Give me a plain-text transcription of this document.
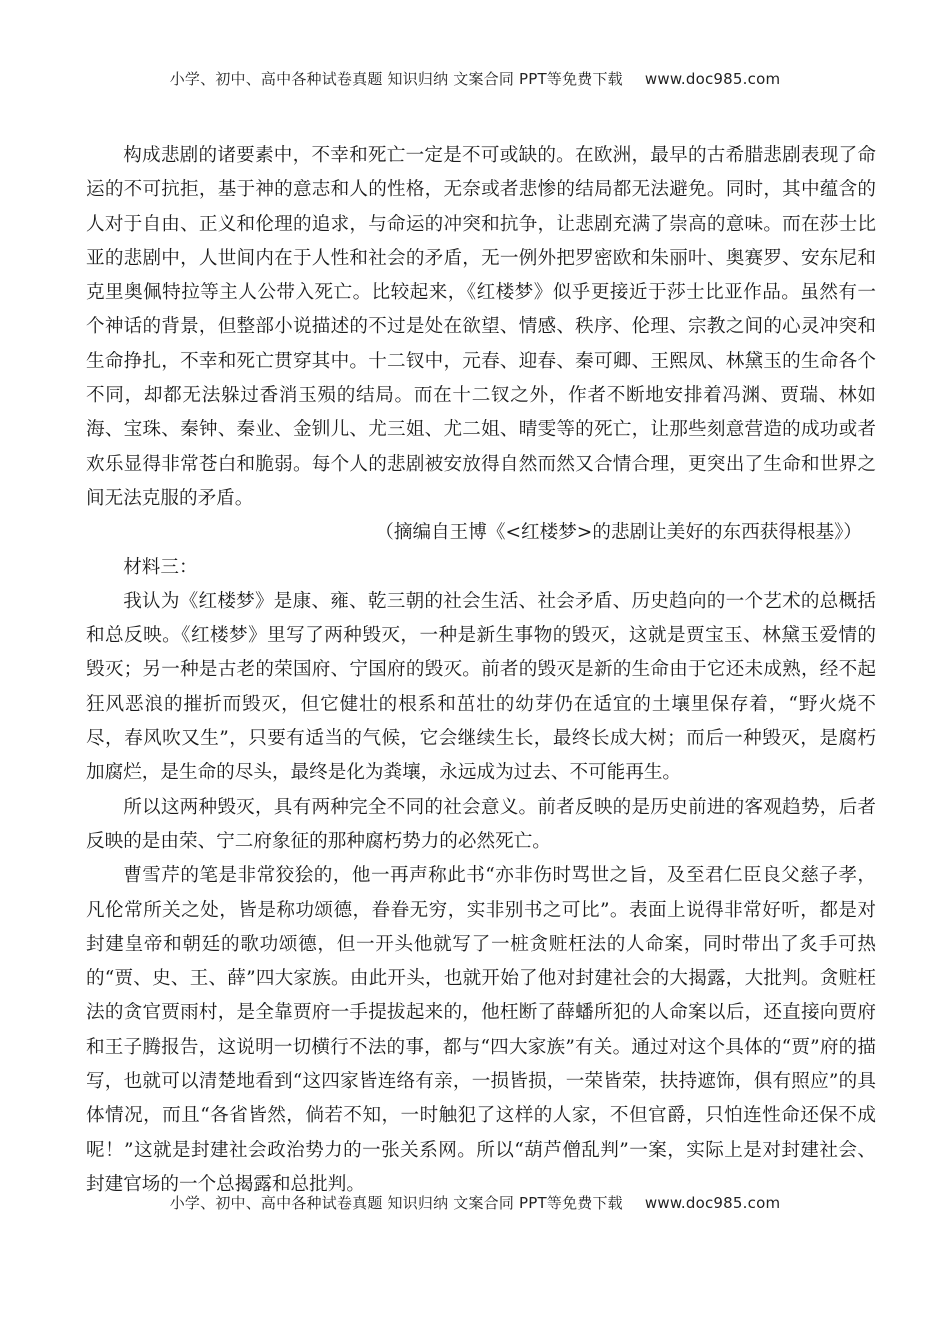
小学、初中、高中各种试卷真题 知识归纳 文案合同 PPT等免费下载 www.doc985.com

构成悲剧的诸要素中，不幸和死亡一定是不可或缺的。在欧洲，最早的古希腊悲剧表现了命运的不可抗拒，基于神的意志和人的性格，无奈或者悲惨的结局都无法避免。同时，其中蕴含的人对于自由、正义和伦理的追求，与命运的冲突和抗争，让悲剧充满了崇高的意味。而在莎士比亚的悲剧中，人世间内在于人性和社会的矛盾，无一例外把罗密欧和朱丽叶、奥赛罗、安东尼和克里奥佩特拉等主人公带入死亡。比较起来，《红楼梦》似乎更接近于莎士比亚作品。虽然有一个神话的背景，但整部小说描述的不过是处在欲望、情感、秩序、伦理、宗教之间的心灵冲突和生命挣扎，不幸和死亡贯穿其中。十二钗中，元春、迎春、秦可卿、王熙凤、林黛玉的生命各个不同，却都无法躲过香消玉殒的结局。而在十二钗之外，作者不断地安排着冯渊、贾瑞、林如海、宝珠、秦钟、秦业、金钏儿、尤三姐、尤二姐、晴雯等的死亡，让那些刻意营造的成功或者欢乐显得非常苍白和脆弱。每个人的悲剧被安放得自然而然又合情合理，更突出了生命和世界之间无法克服的矛盾。

（摘编自王博《<红楼梦>的悲剧让美好的东西获得根基》）

材料三：

我认为《红楼梦》是康、雍、乾三朝的社会生活、社会矛盾、历史趋向的一个艺术的总概括和总反映。《红楼梦》里写了两种毁灭，一种是新生事物的毁灭，这就是贾宝玉、林黛玉爱情的毁灭；另一种是古老的荣国府、宁国府的毁灭。前者的毁灭是新的生命由于它还未成熟，经不起狂风恶浪的摧折而毁灭，但它健壮的根系和茁壮的幼芽仍在适宜的土壤里保存着，“野火烧不尽，春风吹又生”，只要有适当的气候，它会继续生长，最终长成大树；而后一种毁灭，是腐朽加腐烂，是生命的尽头，最终是化为粪壤，永远成为过去、不可能再生。

所以这两种毁灭，具有两种完全不同的社会意义。前者反映的是历史前进的客观趋势，后者反映的是由荣、宁二府象征的那种腐朽势力的必然死亡。

曹雪芹的笔是非常狡狯的，他一再声称此书“亦非伤时骂世之旨，及至君仁臣良父慈子孝，凡伦常所关之处，皆是称功颂德，眷眷无穷，实非别书之可比”。表面上说得非常好听，都是对封建皇帝和朝廷的歌功颂德，但一开头他就写了一桩贪赃枉法的人命案，同时带出了炙手可热的“贾、史、王、薛”四大家族。由此开头，也就开始了他对封建社会的大揭露，大批判。贪赃枉法的贪官贾雨村，是全靠贾府一手提拔起来的，他枉断了薛蟠所犯的人命案以后，还直接向贾府和王子腾报告，这说明一切横行不法的事，都与“四大家族”有关。通过对这个具体的“贾”府的描写，也就可以清楚地看到“这四家皆连络有亲，一损皆损，一荣皆荣，扶持遮饰，俱有照应”的具体情况，而且“各省皆然，倘若不知，一时触犯了这样的人家，不但官爵，只怕连性命还保不成呢！”这就是封建社会政治势力的一张关系网。所以“葫芦僧乱判”一案，实际上是对封建社会、封建官场的一个总揭露和总批判。

小学、初中、高中各种试卷真题 知识归纳 文案合同 PPT等免费下载 www.doc985.com
